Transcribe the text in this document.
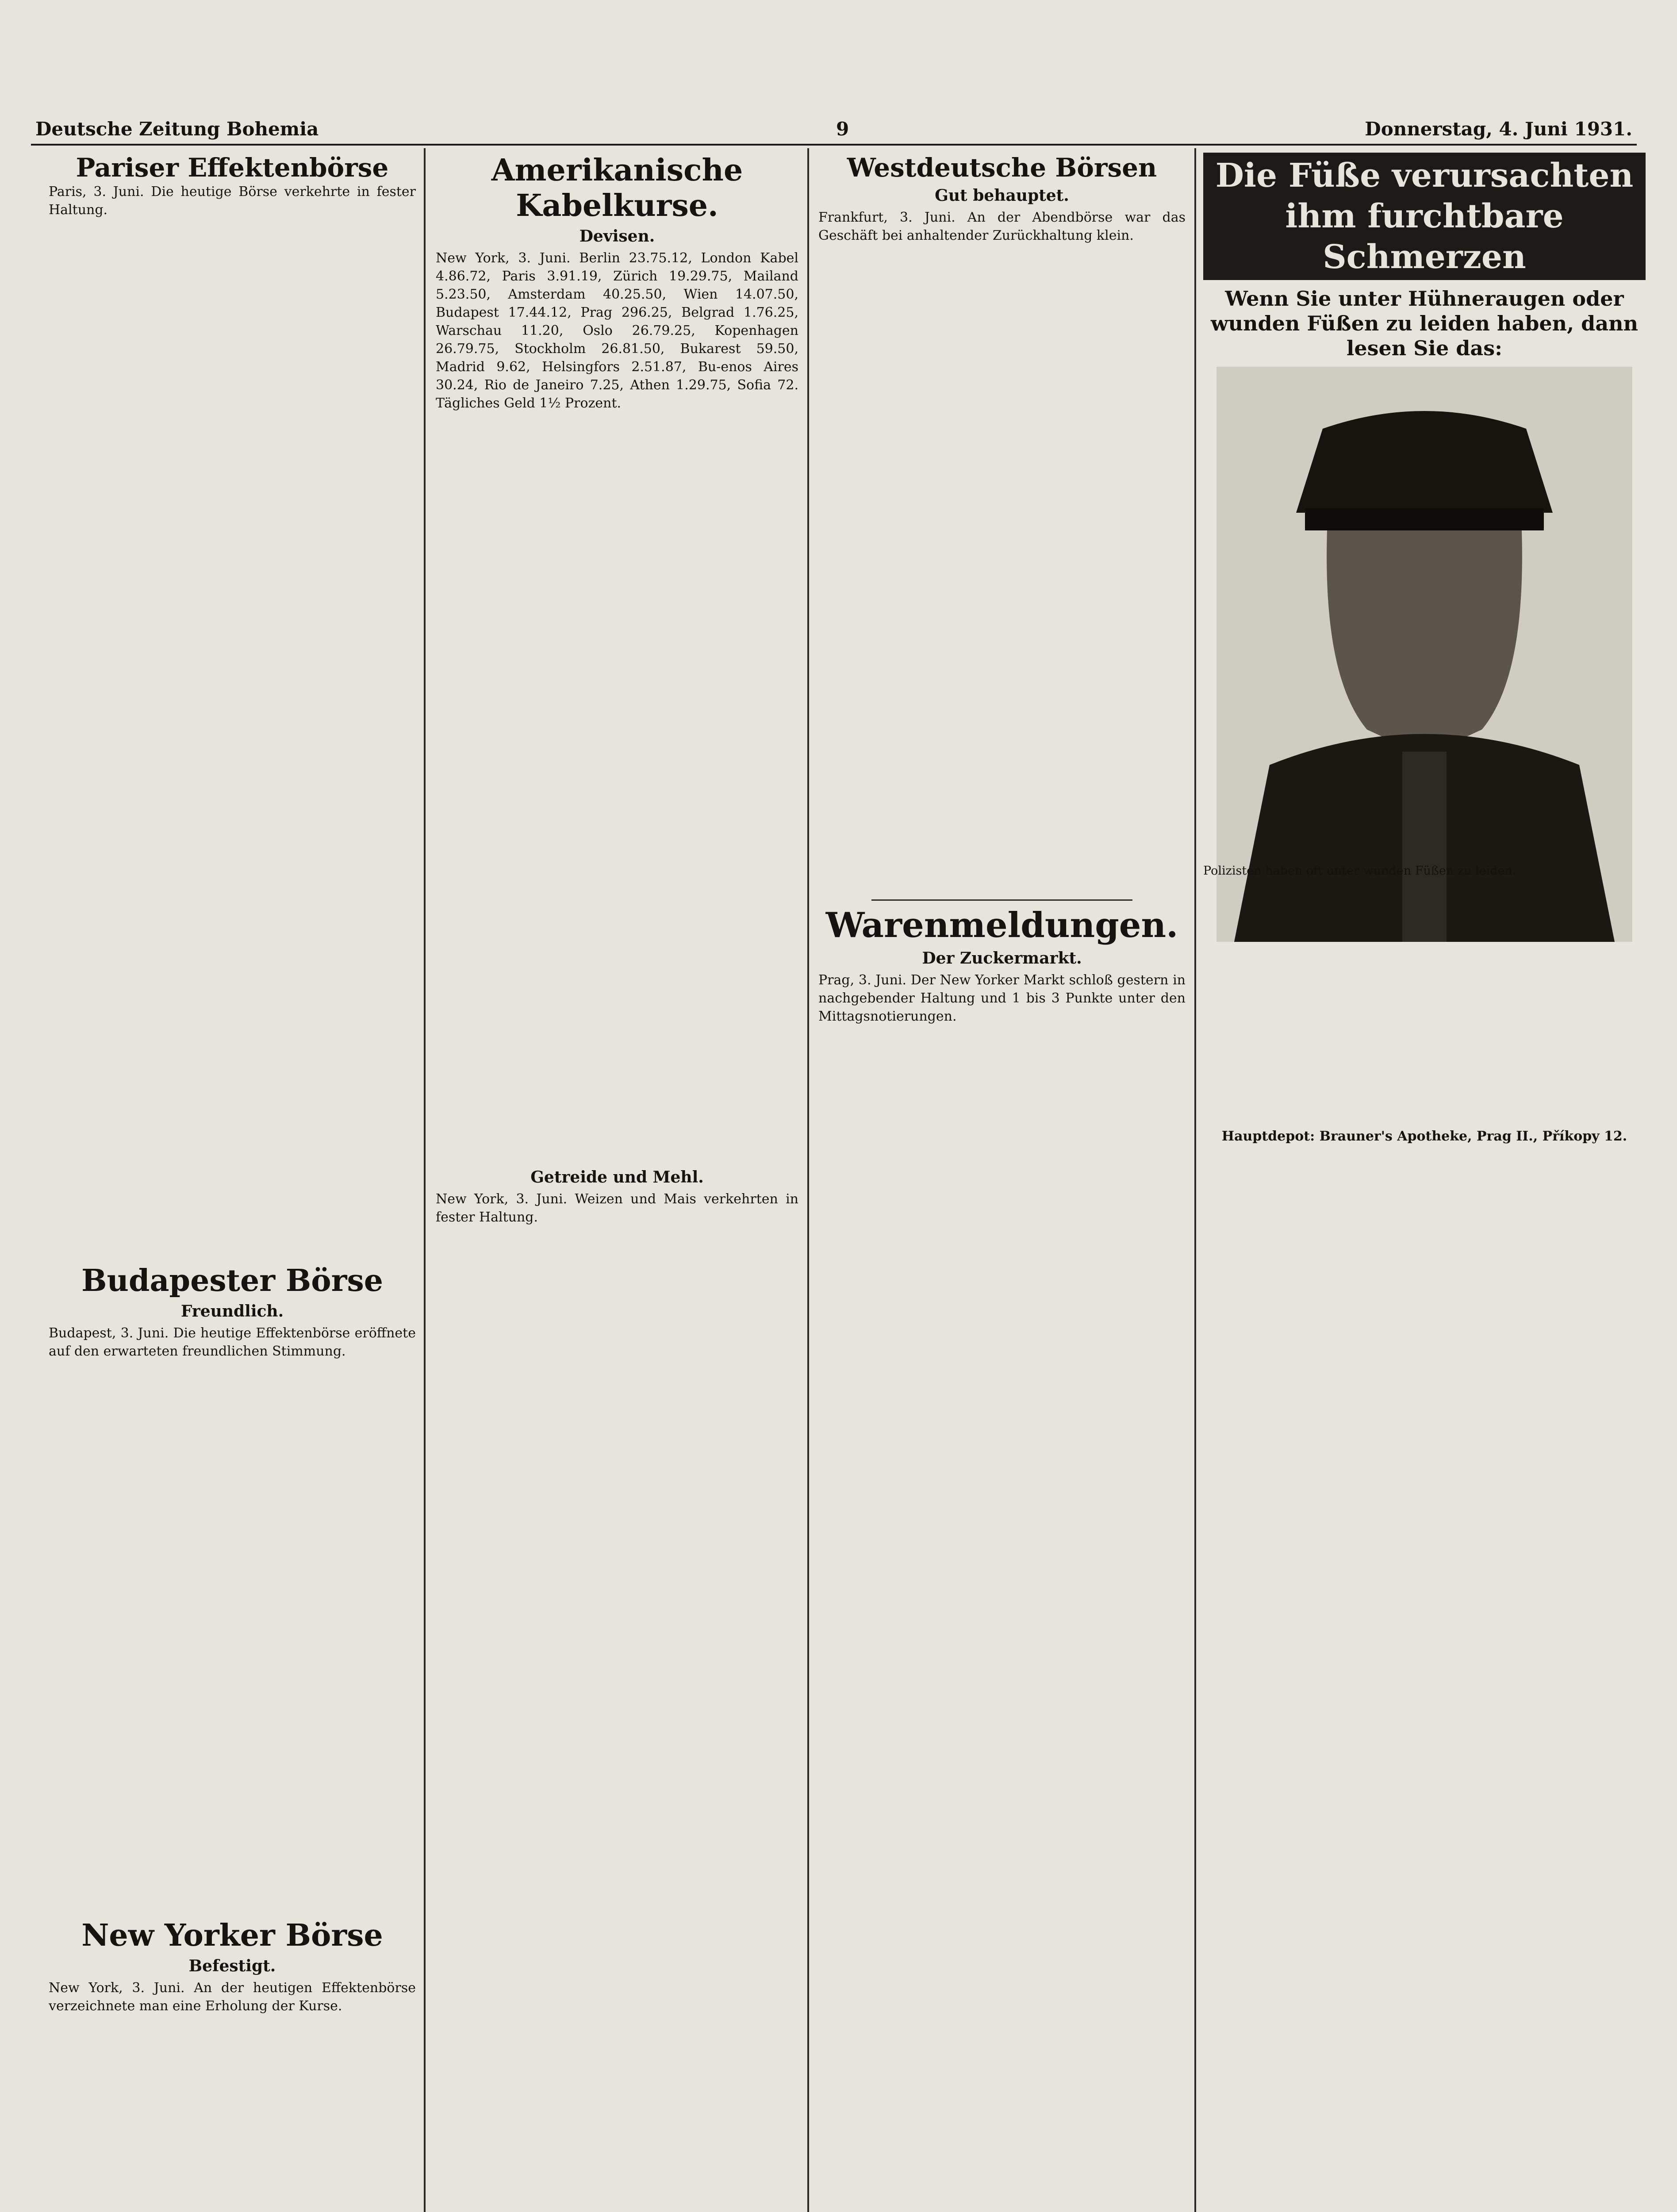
Deutsche Zeitung Bohemia	9	Donnerstag, 4. Juni 1931.
Pariser Effektenbörse
Paris, 3. Juni. Die heutige Börse verkehrte in fester Haltung.
Budapester Börse
Freundlich.
Budapest, 3. Juni. Die heutige Effektenbörse eröffnete auf den erwarteten freundlichen Stimmung.
New Yorker Börse
Befestigt.
New York, 3. Juni. An der heutigen Effektenbörse verzeichnete man eine Erholung der Kurse.
Amerikanische Kabelkurse.
Devisen.
New York, 3. Juni. Berlin 23.75.12, London Kabel 4.86.72, Paris 3.91.19, Zürich 19.29.75, Mailand 5.23.50, Amsterdam 40.25.50, Wien 14.07.50, Budapest 17.44.12, Prag 296.25, Belgrad 1.76.25, Warschau 11.20, Oslo 26.79.25, Kopenhagen 26.79.75, Stockholm 26.81.50, Bukarest 59.50, Madrid 9.62, Helsingfors 2.51.87, Bu-enos Aires 30.24, Rio de Janeiro 7.25, Athen 1.29.75, Sofia 72. Tägliches Geld 1½ Prozent.
Getreide und Mehl.
New York, 3. Juni. Weizen und Mais verkehrten in fester Haltung.
Westdeutsche Börsen
Gut behauptet.
Frankfurt, 3. Juni. An der Abendbörse war das Geschäft bei anhaltender Zurückhaltung klein.
Warenmeldungen.
Der Zuckermarkt.
Prag, 3. Juni. Der New Yorker Markt schloß gestern in nachgebender Haltung und 1 bis 3 Punkte unter den Mittagsnotierungen.
Die Füße verursachten ihm furchtbare Schmerzen
Wenn Sie unter Hühneraugen oder wunden Füßen zu leiden haben, dann lesen Sie das:
Polizisten haben oft unter wunden Füßen zu leiden.
Hauptdepot: Brauner's Apotheke, Prag II., Příkopy 12.
